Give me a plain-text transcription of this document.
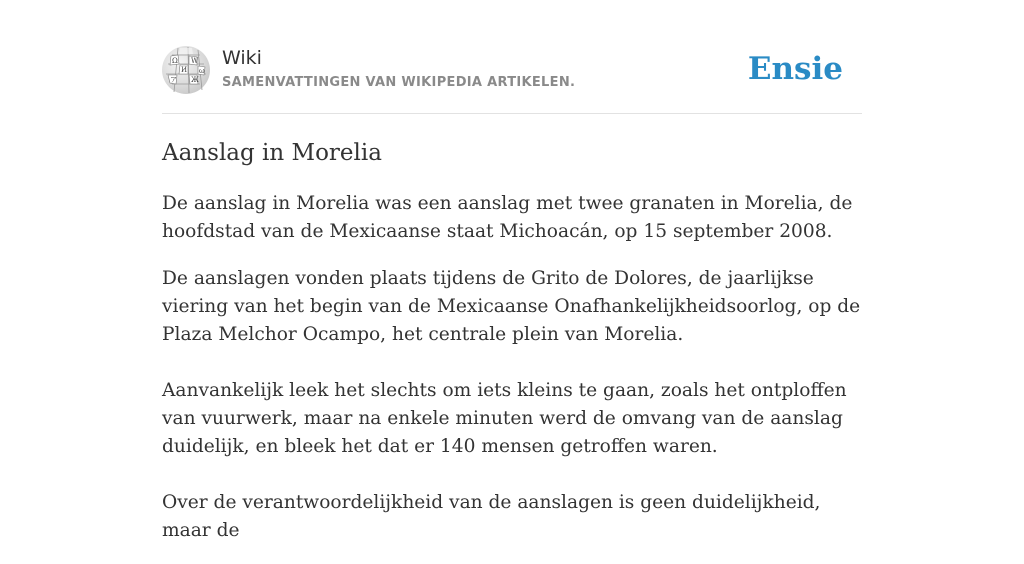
Ω W
И ω
ア Ж
Wiki
SAMENVATTINGEN VAN WIKIPEDIA ARTIKELEN.	Ensie
Aanslag in Morelia

De aanslag in Morelia was een aanslag met twee granaten in Morelia, de hoofdstad van de Mexicaanse staat Michoacán, op 15 september 2008.

De aanslagen vonden plaats tijdens de Grito de Dolores, de jaarlijkse viering van het begin van de Mexicaanse Onafhankelijkheidsoorlog, op de Plaza Melchor Ocampo, het centrale plein van Morelia.

Aanvankelijk leek het slechts om iets kleins te gaan, zoals het ontploffen van vuurwerk, maar na enkele minuten werd de omvang van de aanslag duidelijk, en bleek het dat er 140 mensen getroffen waren.

Over de verantwoordelijkheid van de aanslagen is geen duidelijkheid, maar de
